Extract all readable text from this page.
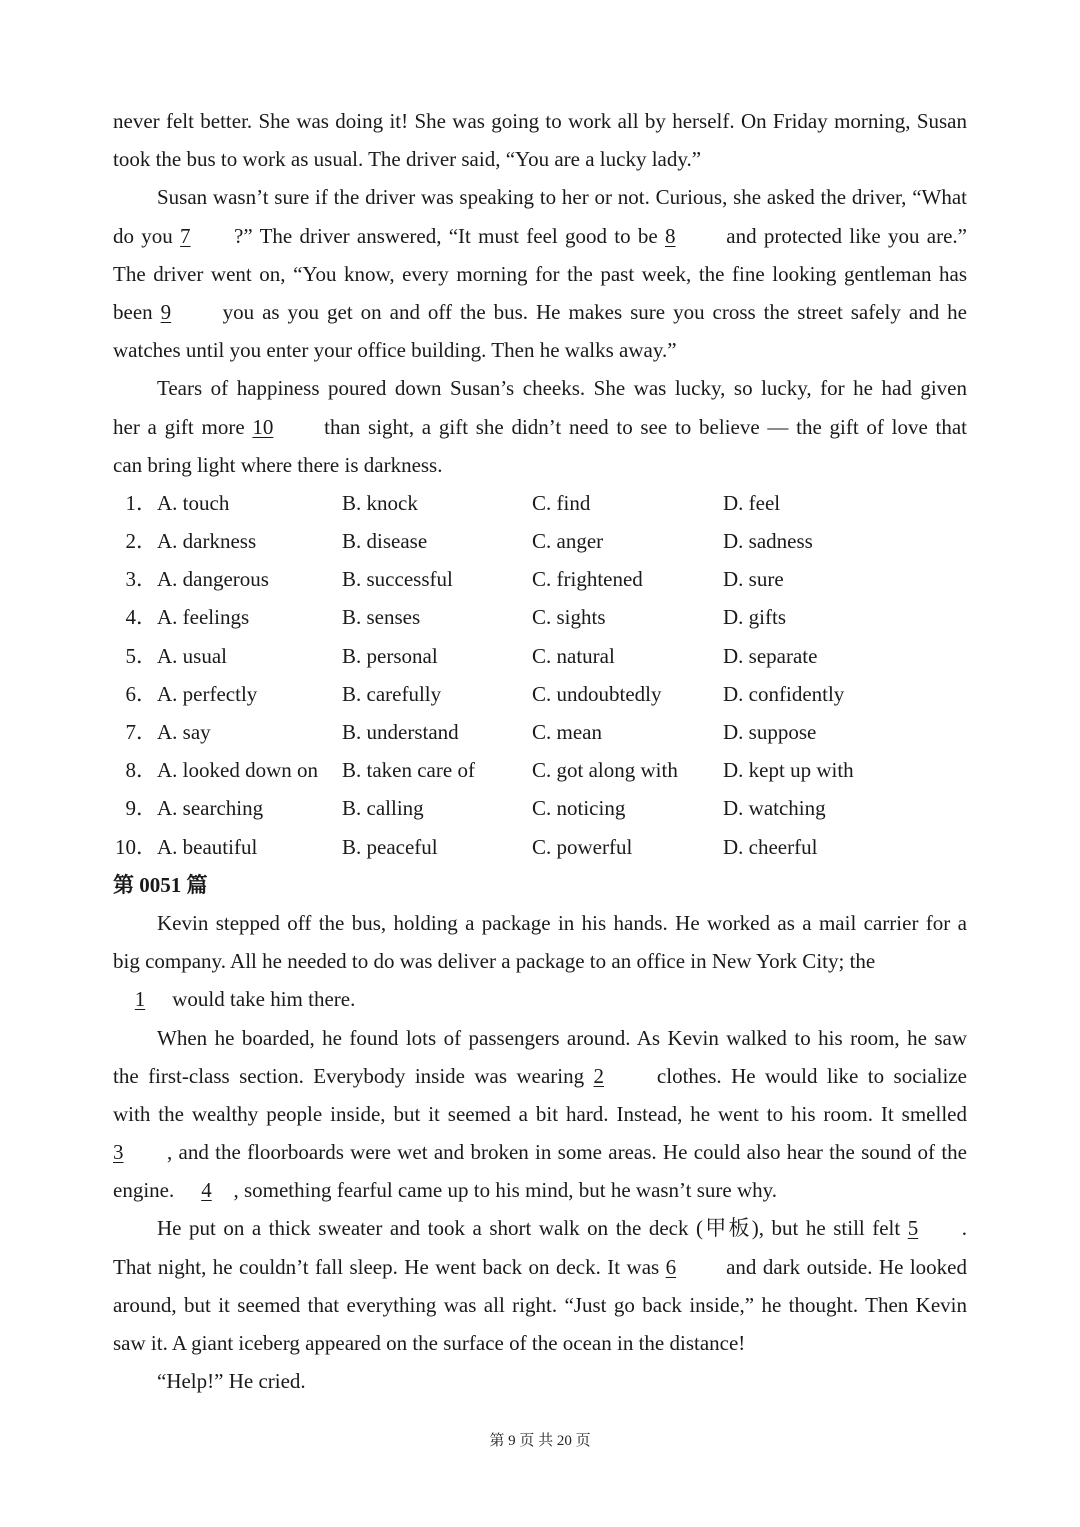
never felt better. She was doing it! She was going to work all by herself. On Friday morning, Susan
took the bus to work as usual. The driver said, “You are a lucky lady.”
Susan wasn’t sure if the driver was speaking to her or not. Curious, she asked the driver, “What
do you 7 ?” The driver answered, “It must feel good to be 8 and protected like you are.”
The driver went on, “You know, every morning for the past week, the fine looking gentleman has
been 9 you as you get on and off the bus. He makes sure you cross the street safely and he
watches until you enter your office building. Then he walks away.”
Tears of happiness poured down Susan’s cheeks. She was lucky, so lucky, for he had given
her a gift more 10 than sight, a gift she didn’t need to see to believe — the gift of love that
can bring light where there is darkness.
1． A. touch	B. knock	C. find	D. feel
2． A. darkness	B. disease	C. anger	D. sadness
3． A. dangerous	B. successful	C. frightened	D. sure
4． A. feelings	B. senses	C. sights	D. gifts
5． A. usual	B. personal	C. natural	D. separate
6． A. perfectly	B. carefully	C. undoubtedly	D. confidently
7． A. say	B. understand	C. mean	D. suppose
8． A. looked down on	B. taken care of	C. got along with	D. kept up with
9． A. searching	B. calling	C. noticing	D. watching
10． A. beautiful	B. peaceful	C. powerful	D. cheerful
第 0051 篇
Kevin stepped off the bus, holding a package in his hands. He worked as a mail carrier for a
big company. All he needed to do was deliver a package to an office in New York City; the
1 would take him there.
When he boarded, he found lots of passengers around. As Kevin walked to his room, he saw
the first-class section. Everybody inside was wearing 2 clothes. He would like to socialize
with the wealthy people inside, but it seemed a bit hard. Instead, he went to his room. It smelled
3 , and the floorboards were wet and broken in some areas. He could also hear the sound of the
engine. 4 , something fearful came up to his mind, but he wasn’t sure why.
He put on a thick sweater and took a short walk on the deck (甲板), but he still felt 5 .
That night, he couldn’t fall sleep. He went back on deck. It was 6 and dark outside. He looked
around, but it seemed that everything was all right. “Just go back inside,” he thought. Then Kevin
saw it. A giant iceberg appeared on the surface of the ocean in the distance!
“Help!” He cried.
第 9 页 共 20 页
